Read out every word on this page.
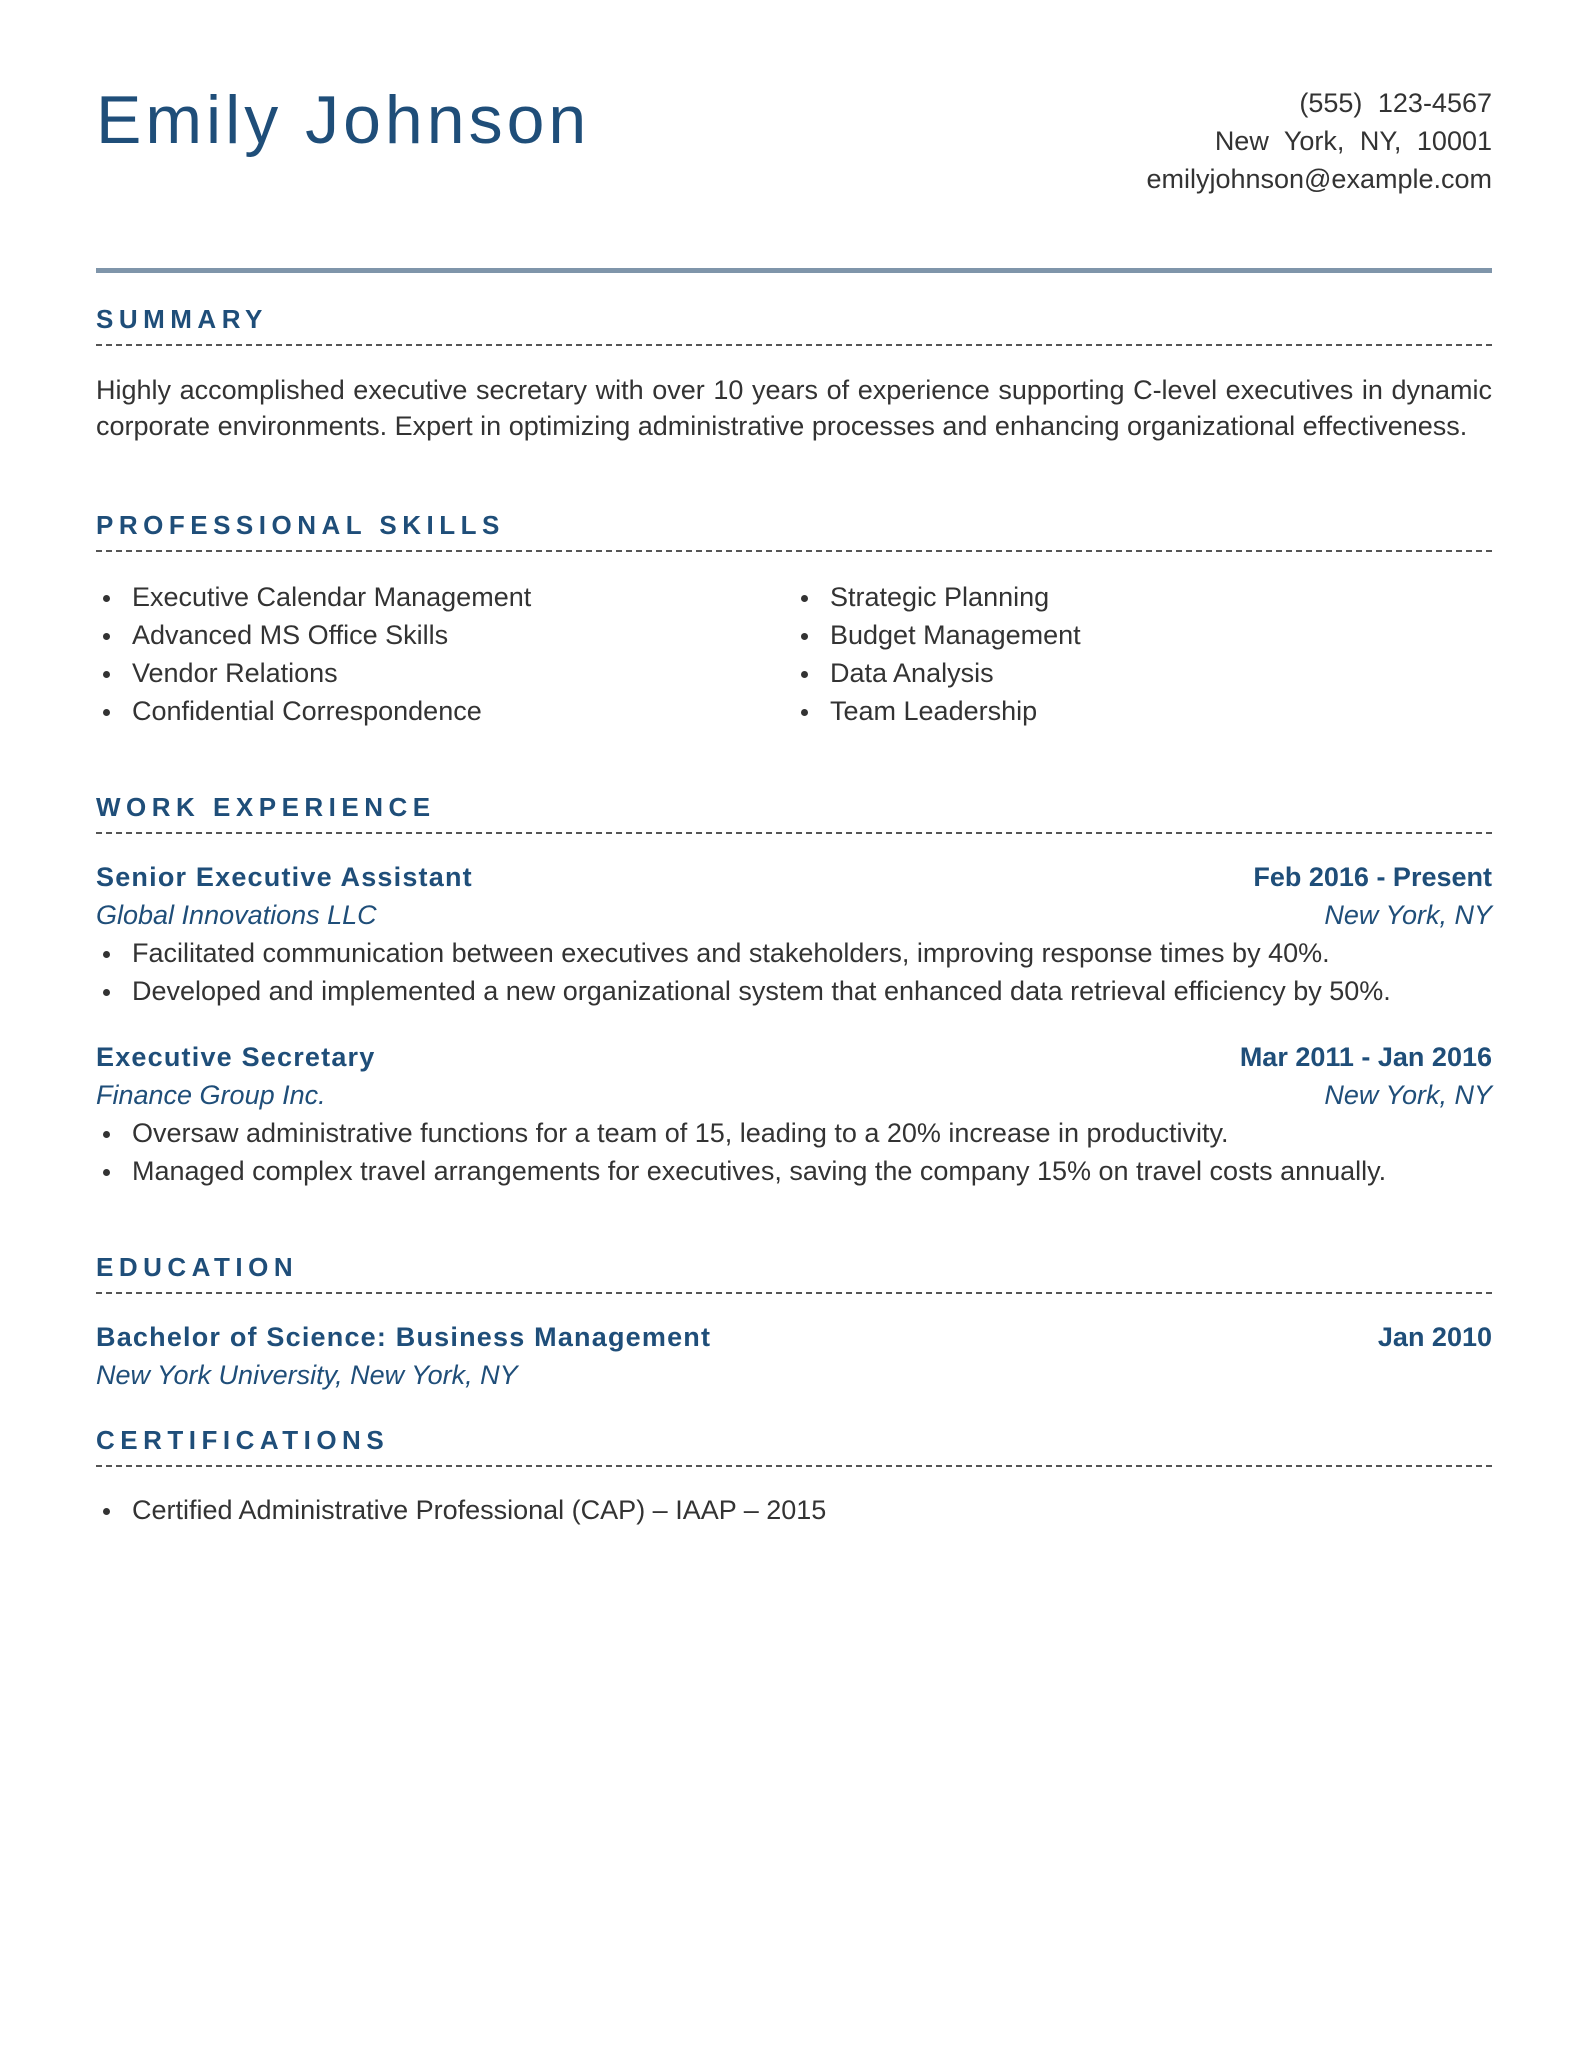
Emily Johnson	(555) 123-4567
New York, NY, 10001
emilyjohnson@example.com
SUMMARY
Highly accomplished executive secretary with over 10 years of experience supporting C-level executives in dynamic corporate environments. Expert in optimizing administrative processes and enhancing organizational effectiveness.
PROFESSIONAL SKILLS
Executive Calendar Management
Advanced MS Office Skills
Vendor Relations
Confidential Correspondence
Strategic Planning
Budget Management
Data Analysis
Team Leadership
WORK EXPERIENCE
Senior Executive Assistant	Feb 2016 - Present
Global Innovations LLC	New York, NY
Facilitated communication between executives and stakeholders, improving response times by 40%.
Developed and implemented a new organizational system that enhanced data retrieval efficiency by 50%.
Executive Secretary	Mar 2011 - Jan 2016
Finance Group Inc.	New York, NY
Oversaw administrative functions for a team of 15, leading to a 20% increase in productivity.
Managed complex travel arrangements for executives, saving the company 15% on travel costs annually.
EDUCATION
Bachelor of Science: Business Management	Jan 2010
New York University, New York, NY
CERTIFICATIONS
Certified Administrative Professional (CAP) – IAAP – 2015
